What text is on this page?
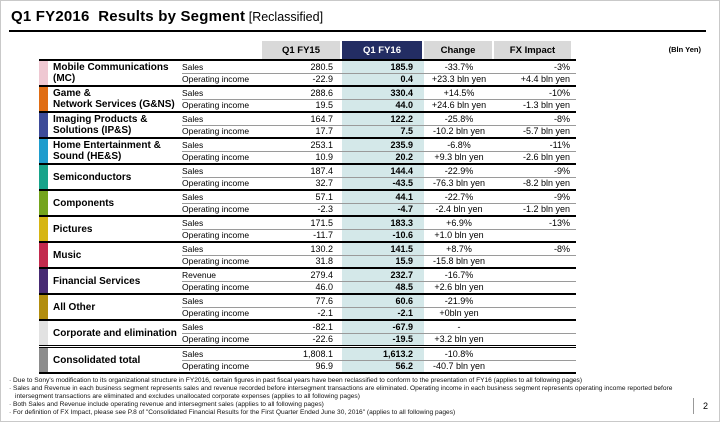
Q1 FY2016  Results by Segment [Reclassified]
(Bln Yen)
Q1 FY15	Q1 FY16	Change	FX Impact
Mobile Communications
(MC)
Sales	280.5	185.9	-33.7%	-3%
Operating income	-22.9	0.4	+23.3 bln yen	+4.4 bln yen
Game &
Network Services (G&NS)
Sales	288.6	330.4	+14.5%	-10%
Operating income	19.5	44.0	+24.6 bln yen	-1.3 bln yen
Imaging Products &
Solutions (IP&S)
Sales	164.7	122.2	-25.8%	-8%
Operating income	17.7	7.5	-10.2 bln yen	-5.7 bln yen
Home Entertainment &
Sound (HE&S)
Sales	253.1	235.9	-6.8%	-11%
Operating income	10.9	20.2	+9.3 bln yen	-2.6 bln yen
Semiconductors
Sales	187.4	144.4	-22.9%	-9%
Operating income	32.7	-43.5	-76.3 bln yen	-8.2 bln yen
Components
Sales	57.1	44.1	-22.7%	-9%
Operating income	-2.3	-4.7	-2.4 bln yen	-1.2 bln yen
Pictures
Sales	171.5	183.3	+6.9%	-13%
Operating income	-11.7	-10.6	+1.0 bln yen
Music
Sales	130.2	141.5	+8.7%	-8%
Operating income	31.8	15.9	-15.8 bln yen
Financial Services
Revenue	279.4	232.7	-16.7%
Operating income	46.0	48.5	+2.6 bln yen
All Other
Sales	77.6	60.6	-21.9%
Operating income	-2.1	-2.1	+0bln yen
Corporate and elimination
Sales	-82.1	-67.9	-
Operating income	-22.6	-19.5	+3.2 bln yen
Consolidated total
Sales	1,808.1	1,613.2	-10.8%
Operating income	96.9	56.2	-40.7 bln yen
· Due to Sony's modification to its organizational structure in FY2016, certain figures in past fiscal years have been reclassified to conform to the presentation of FY16 (applies to all following pages)
· Sales and Revenue in each business segment represents sales and revenue recorded before intersegment transactions are eliminated. Operating income in each business segment represents operating income reported before intersegment transactions are eliminated and excludes unallocated corporate expenses (applies to all following pages)
· Both Sales and Revenue include operating revenue and intersegment sales (applies to all following pages)
· For definition of FX Impact, please see P.8 of "Consolidated Financial Results for the First Quarter Ended June 30, 2016" (applies to all following pages)
2
